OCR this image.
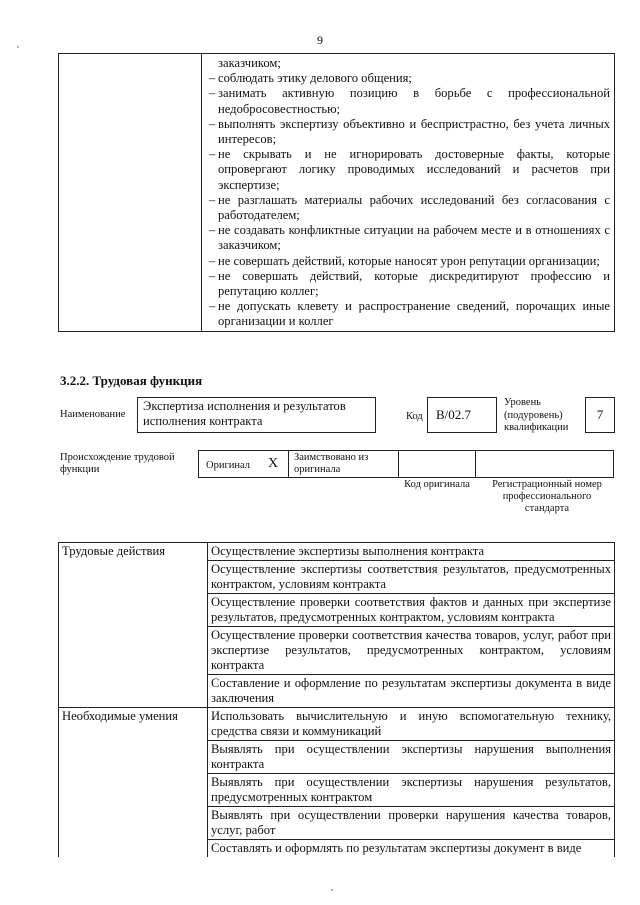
9

заказчиком;
– соблюдать этику делового общения;
– занимать активную позицию в борьбе с профессиональной недобросовестностью;
– выполнять экспертизу объективно и беспристрастно, без учета личных интересов;
– не скрывать и не игнорировать достоверные факты, которые опровергают логику проводимых исследований и расчетов при экспертизе;
– не разглашать материалы рабочих исследований без согласования с работодателем;
– не создавать конфликтные ситуации на рабочем месте и в отношениях с заказчиком;
– не совершать действий, которые наносят урон репутации организации;
– не совершать действий, которые дискредитируют профессию и репутацию коллег;
– не допускать клевету и распространение сведений, порочащих иные организации и коллег
3.2.2. Трудовая функция
Наименование
Экспертиза исполнения и результатов исполнения контракта	Код	B/02.7
Уровень (подуровень) квалификации
7
Происхождение трудовой функции	Оригинал X Заимствовано из оригинала
Код оригинала	Регистрационный номер профессионального стандарта
Трудовые действия	Осуществление экспертизы выполнения контракта
	Осуществление экспертизы соответствия результатов, предусмотренных контрактом, условиям контракта
	Осуществление проверки соответствия фактов и данных при экспертизе результатов, предусмотренных контрактом, условиям контракта
	Осуществление проверки соответствия качества товаров, услуг, работ при экспертизе результатов, предусмотренных контрактом, условиям контракта
	Составление и оформление по результатам экспертизы документа в виде заключения
Необходимые умения	Использовать вычислительную и иную вспомогательную технику, средства связи и коммуникаций
	Выявлять при осуществлении экспертизы нарушения выполнения контракта
	Выявлять при осуществлении экспертизы нарушения результатов, предусмотренных контрактом
	Выявлять при осуществлении проверки нарушения качества товаров, услуг, работ
	Составлять и оформлять по результатам экспертизы документ в виде
